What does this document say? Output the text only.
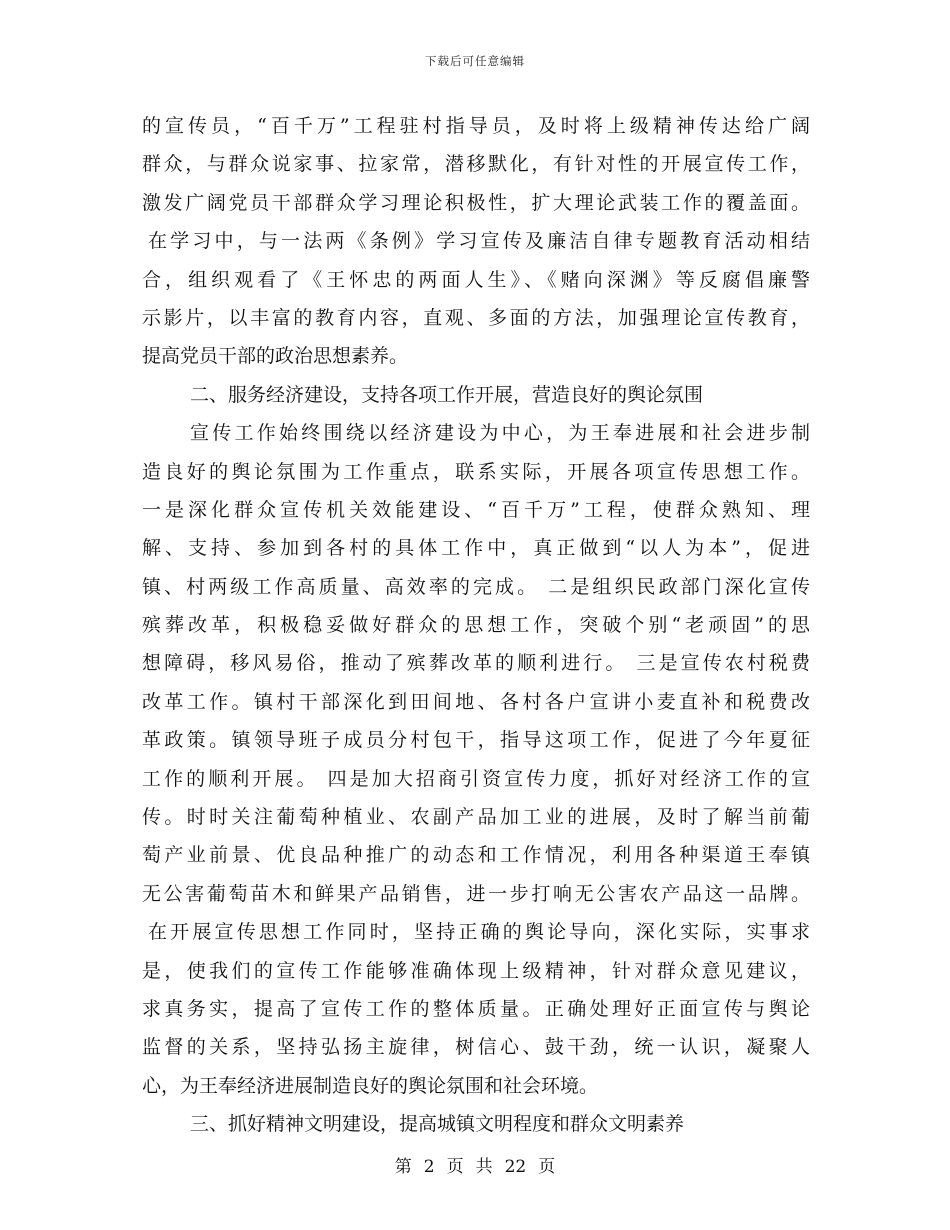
下载后可任意编辑
的宣传员，“百千万”工程驻村指导员，及时将上级精神传达给广阔
群众，与群众说家事、拉家常，潜移默化，有针对性的开展宣传工作，
激发广阔党员干部群众学习理论积极性，扩大理论武装工作的覆盖面。
在学习中，与一法两《条例》学习宣传及廉洁自律专题教育活动相结
合，组织观看了《王怀忠的两面人生》、《赌向深渊》等反腐倡廉警
示影片，以丰富的教育内容，直观、多面的方法，加强理论宣传教育，
提高党员干部的政治思想素养。
二、服务经济建设，支持各项工作开展，营造良好的舆论氛围
宣传工作始终围绕以经济建设为中心，为王奉进展和社会进步制
造良好的舆论氛围为工作重点，联系实际，开展各项宣传思想工作。
一是深化群众宣传机关效能建设、“百千万”工程，使群众熟知、理
解、支持、参加到各村的具体工作中，真正做到“以人为本”，促进
镇、村两级工作高质量、高效率的完成。 二是组织民政部门深化宣传
殡葬改革，积极稳妥做好群众的思想工作，突破个别“老顽固”的思
想障碍，移风易俗，推动了殡葬改革的顺利进行。 三是宣传农村税费
改革工作。镇村干部深化到田间地、各村各户宣讲小麦直补和税费改
革政策。镇领导班子成员分村包干，指导这项工作，促进了今年夏征
工作的顺利开展。 四是加大招商引资宣传力度，抓好对经济工作的宣
传。时时关注葡萄种植业、农副产品加工业的进展，及时了解当前葡
萄产业前景、优良品种推广的动态和工作情况，利用各种渠道王奉镇
无公害葡萄苗木和鲜果产品销售，进一步打响无公害农产品这一品牌。
在开展宣传思想工作同时，坚持正确的舆论导向，深化实际，实事求
是，使我们的宣传工作能够准确体现上级精神，针对群众意见建议，
求真务实，提高了宣传工作的整体质量。正确处理好正面宣传与舆论
监督的关系，坚持弘扬主旋律，树信心、鼓干劲，统一认识，凝聚人
心，为王奉经济进展制造良好的舆论氛围和社会环境。
三、抓好精神文明建设，提高城镇文明程度和群众文明素养
第 2 页 共 22 页
